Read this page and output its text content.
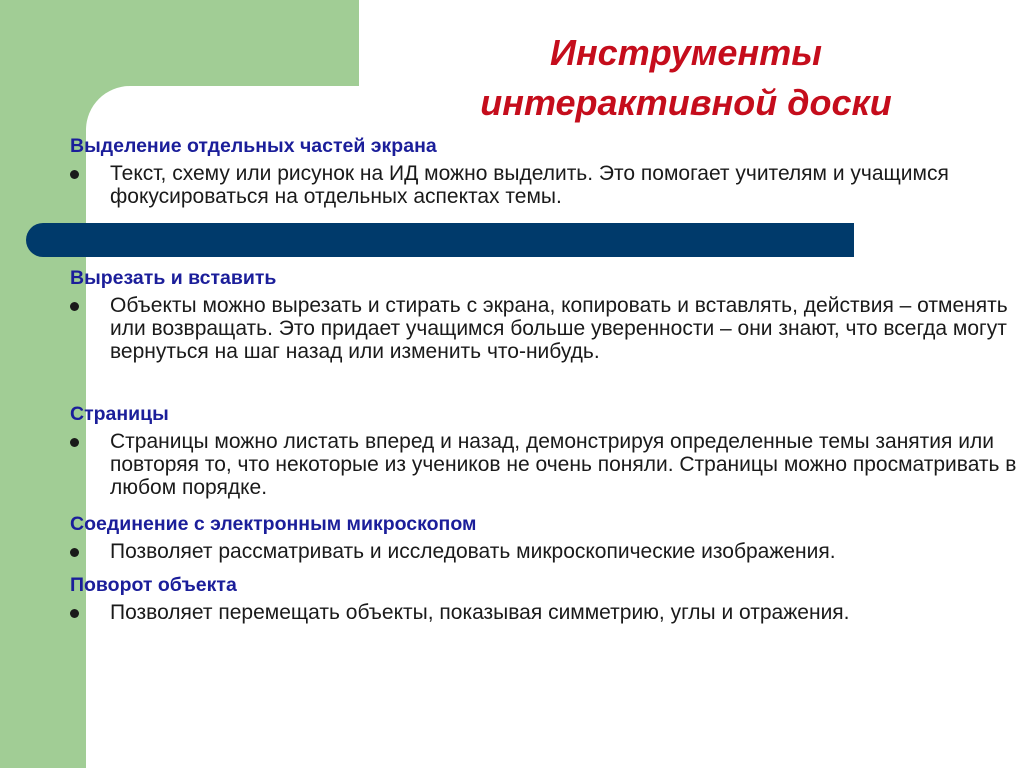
Инструменты
интерактивной доски

Выделение отдельных частей экрана

Текст, схему или рисунок на ИД можно выделить. Это помогает учителям и учащимся фокусироваться на отдельных аспектах темы.

Вырезать и вставить

Объекты можно вырезать и стирать с экрана, копировать и вставлять, действия – отменять или возвращать. Это придает учащимся больше уверенности – они знают, что всегда могут вернуться на шаг назад или изменить что-нибудь.

Страницы

Страницы можно листать вперед и назад, демонстрируя определенные темы занятия или повторяя то, что некоторые из учеников не очень поняли. Страницы можно просматривать в любом порядке.

Соединение с электронным микроскопом

Позволяет рассматривать и исследовать микроскопические изображения.

Поворот объекта

Позволяет перемещать объекты, показывая симметрию, углы и отражения.
